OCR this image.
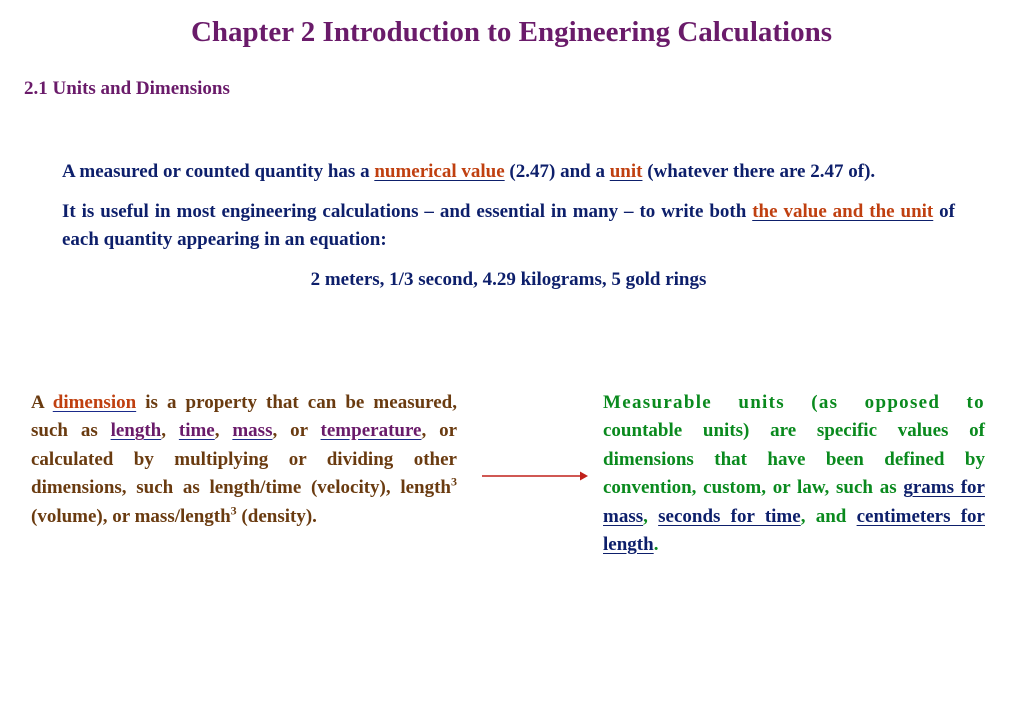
Chapter 2 Introduction to Engineering Calculations
2.1 Units and Dimensions

A measured or counted quantity has a numerical value (2.47) and a unit (whatever there are 2.47 of).

It is useful in most engineering calculations – and essential in many – to write both the value and the unit of each quantity appearing in an equation:

2 meters, 1/3 second, 4.29 kilograms, 5 gold rings

A dimension is a property that can be measured, such as length, time, mass, or temperature, or calculated by multiplying or dividing other dimensions, such as length/time (velocity), length$^3$ (volume), or mass/length$^3$ (density).
Measurable units (as opposed to countable units) are specific values of dimensions that have been defined by convention, custom, or law, such as grams for mass, seconds for time, and centimeters for length.
